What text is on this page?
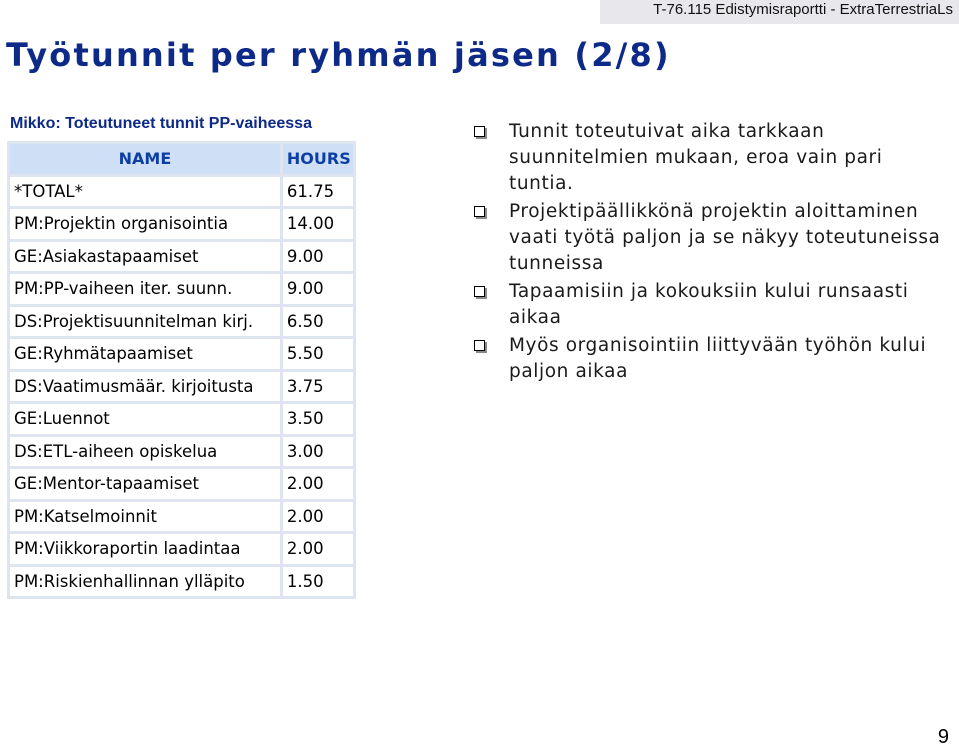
T-76.115 Edistymisraportti - ExtraTerrestriaLs
Työtunnit per ryhmän jäsen (2/8)
Mikko: Toteutuneet tunnit PP-vaiheessa
NAME	HOURS
*TOTAL*	61.75
PM:Projektin organisointia	14.00
GE:Asiakastapaamiset	9.00
PM:PP-vaiheen iter. suunn.	9.00
DS:Projektisuunnitelman kirj.	6.50
GE:Ryhmätapaamiset	5.50
DS:Vaatimusmäär. kirjoitusta	3.75
GE:Luennot	3.50
DS:ETL-aiheen opiskelua	3.00
GE:Mentor-tapaamiset	2.00
PM:Katselmoinnit	2.00
PM:Viikkoraportin laadintaa	2.00
PM:Riskienhallinnan ylläpito	1.50
Tunnit toteutuivat aika tarkkaan suunnitelmien mukaan, eroa vain pari tuntia.
Projektipäällikkönä projektin aloittaminen vaati työtä paljon ja se näkyy toteutuneissa tunneissa
Tapaamisiin ja kokouksiin kului runsaasti aikaa
Myös organisointiin liittyvään työhön kului paljon aikaa
9
